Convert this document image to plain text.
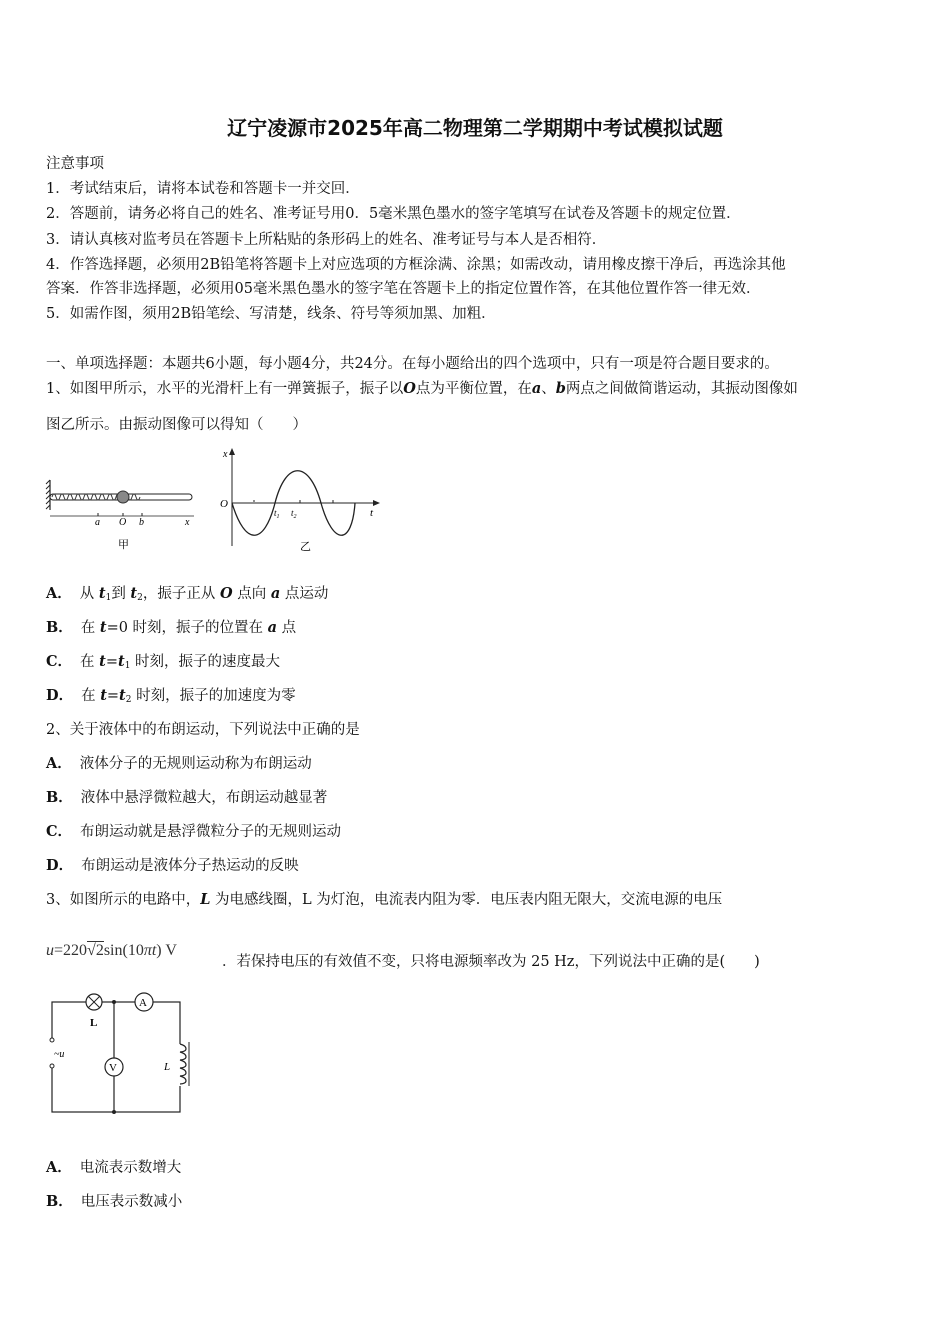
辽宁凌源市2025年高二物理第二学期期中考试模拟试题
注意事项
1．考试结束后，请将本试卷和答题卡一并交回．
2．答题前，请务必将自己的姓名、准考证号用0．5毫米黑色墨水的签字笔填写在试卷及答题卡的规定位置．
3．请认真核对监考员在答题卡上所粘贴的条形码上的姓名、准考证号与本人是否相符．
4．作答选择题，必须用2B铅笔将答题卡上对应选项的方框涂满、涂黑；如需改动，请用橡皮擦干净后，再选涂其他
答案．作答非选择题，必须用05毫米黑色墨水的签字笔在答题卡上的指定位置作答，在其他位置作答一律无效．
5．如需作图，须用2B铅笔绘、写清楚，线条、符号等须加黑、加粗．
一、单项选择题：本题共6小题，每小题4分，共24分。在每小题给出的四个选项中，只有一项是符合题目要求的。
1、如图甲所示，水平的光滑杆上有一弹簧振子，振子以O点为平衡位置，在a、b两点之间做简谐运动，其振动图像如
图乙所示。由振动图像可以得知（　　）
a O b	x
甲
x
O
t
$t_1$ $t_2$
乙
A． 从 $t_1$到 $t_2$，振子正从 O 点向 a 点运动
B． 在 t=0 时刻，振子的位置在 a 点
C． 在 $t=t_1$ 时刻，振子的速度最大
D． 在 $t=t_2$ 时刻，振子的加速度为零
2、关于液体中的布朗运动，下列说法中正确的是
A． 液体分子的无规则运动称为布朗运动
B． 液体中悬浮微粒越大，布朗运动越显著
C． 布朗运动就是悬浮微粒分子的无规则运动
D． 布朗运动是液体分子热运动的反映
3、如图所示的电路中，L 为电感线圈，L 为灯泡，电流表内阻为零．电压表内阻无限大，交流电源的电压
u=220√2sin(10πt) V
．若保持电压的有效值不变，只将电源频率改为 25 Hz，下列说法中正确的是(　　)
L
A
V
~u
L
A． 电流表示数增大
B． 电压表示数减小
